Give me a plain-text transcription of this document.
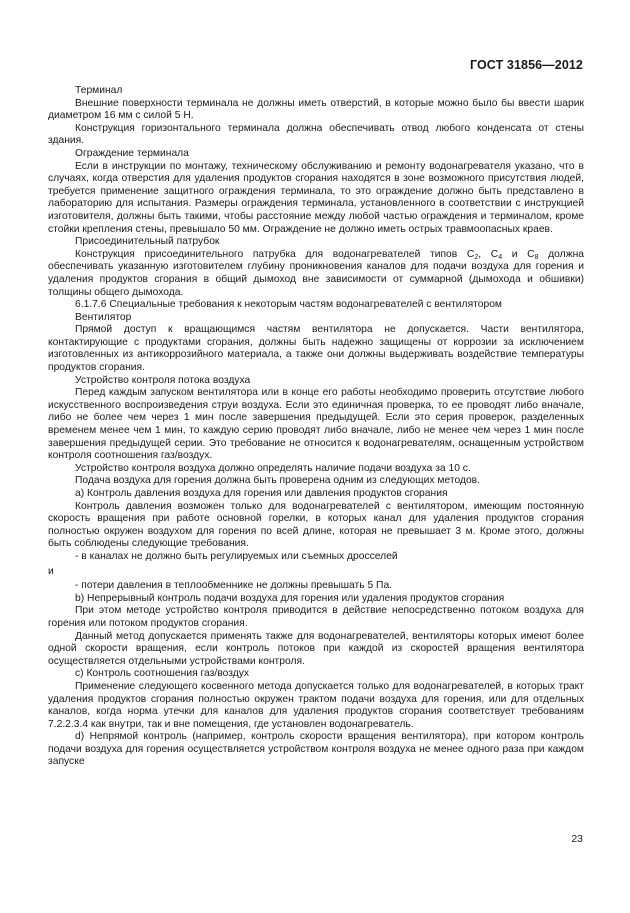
ГОСТ 31856—2012

Терминал

Внешние поверхности терминала не должны иметь отверстий, в которые можно было бы ввести шарик диаметром 16 мм с силой 5 Н.

Конструкция горизонтального терминала должна обеспечивать отвод любого конденсата от стены здания.

Ограждение терминала

Если в инструкции по монтажу, техническому обслуживанию и ремонту водонагревателя указано, что в случаях, когда отверстия для удаления продуктов сгорания находятся в зоне возможного присутствия людей, требуется применение защитного ограждения терминала, то это ограждение должно быть представлено в лабораторию для испытания. Размеры ограждения терминала, установленного в соответствии с инструкцией изготовителя, должны быть такими, чтобы расстояние между любой частью ограждения и терминалом, кроме стойки крепления стены, превышало 50 мм. Ограждение не должно иметь острых травмоопасных краев.

Присоединительный патрубок

Конструкция присоединительного патрубка для водонагревателей типов $С_2$, $С_4$ и $С_8$ должна обеспечивать указанную изготовителем глубину проникновения каналов для подачи воздуха для горения и удаления продуктов сгорания в общий дымоход вне зависимости от суммарной (дымохода и обшивки) толщины общего дымохода.

6.1.7.6 Специальные требования к некоторым частям водонагревателей с вентилятором

Вентилятор

Прямой доступ к вращающимся частям вентилятора не допускается. Части вентилятора, контактирующие с продуктами сгорания, должны быть надежно защищены от коррозии за исключением изготовленных из антикоррозийного материала, а также они должны выдерживать воздействие температуры продуктов сгорания.

Устройство контроля потока воздуха

Перед каждым запуском вентилятора или в конце его работы необходимо проверить отсутствие любого искусственного воспроизведения струи воздуха. Если это единичная проверка, то ее проводят либо вначале, либо не более чем через 1 мин после завершения предыдущей. Если это серия проверок, разделенных временем менее чем 1 мин, то каждую серию проводят либо вначале, либо не менее чем через 1 мин после завершения предыдущей серии. Это требование не относится к водонагревателям, оснащенным устройством контроля соотношения газ/воздух.

Устройство контроля воздуха должно определять наличие подачи воздуха за 10 с.

Подача воздуха для горения должна быть проверена одним из следующих методов.

a) Контроль давления воздуха для горения или давления продуктов сгорания

Контроль давления возможен только для водонагревателей с вентилятором, имеющим постоянную скорость вращения при работе основной горелки, в которых канал для удаления продуктов сгорания полностью окружен воздухом для горения по всей длине, которая не превышает 3 м. Кроме этого, должны быть соблюдены следующие требования.

- в каналах не должно быть регулируемых или съемных дросселей

и

- потери давления в теплообменнике не должны превышать 5 Па.

b) Непрерывный контроль подачи воздуха для горения или удаления продуктов сгорания

При этом методе устройство контроля приводится в действие непосредственно потоком воздуха для горения или потоком продуктов сгорания.

Данный метод допускается применять также для водонагревателей, вентиляторы которых имеют более одной скорости вращения, если контроль потоков при каждой из скоростей вращения вентилятора осуществляется отдельными устройствами контроля.

c) Контроль соотношения газ/воздух

Применение следующего косвенного метода допускается только для водонагревателей, в которых тракт удаления продуктов сгорания полностью окружен трактом подачи воздуха для горения, или для отдельных каналов, когда норма утечки для каналов для удаления продуктов сгорания соответствует требованиям 7.2.2.3.4 как внутри, так и вне помещения, где установлен водонагреватель.

d) Непрямой контроль (например, контроль скорости вращения вентилятора), при котором контроль подачи воздуха для горения осуществляется устройством контроля воздуха не менее одного раза при каждом запуске

23
